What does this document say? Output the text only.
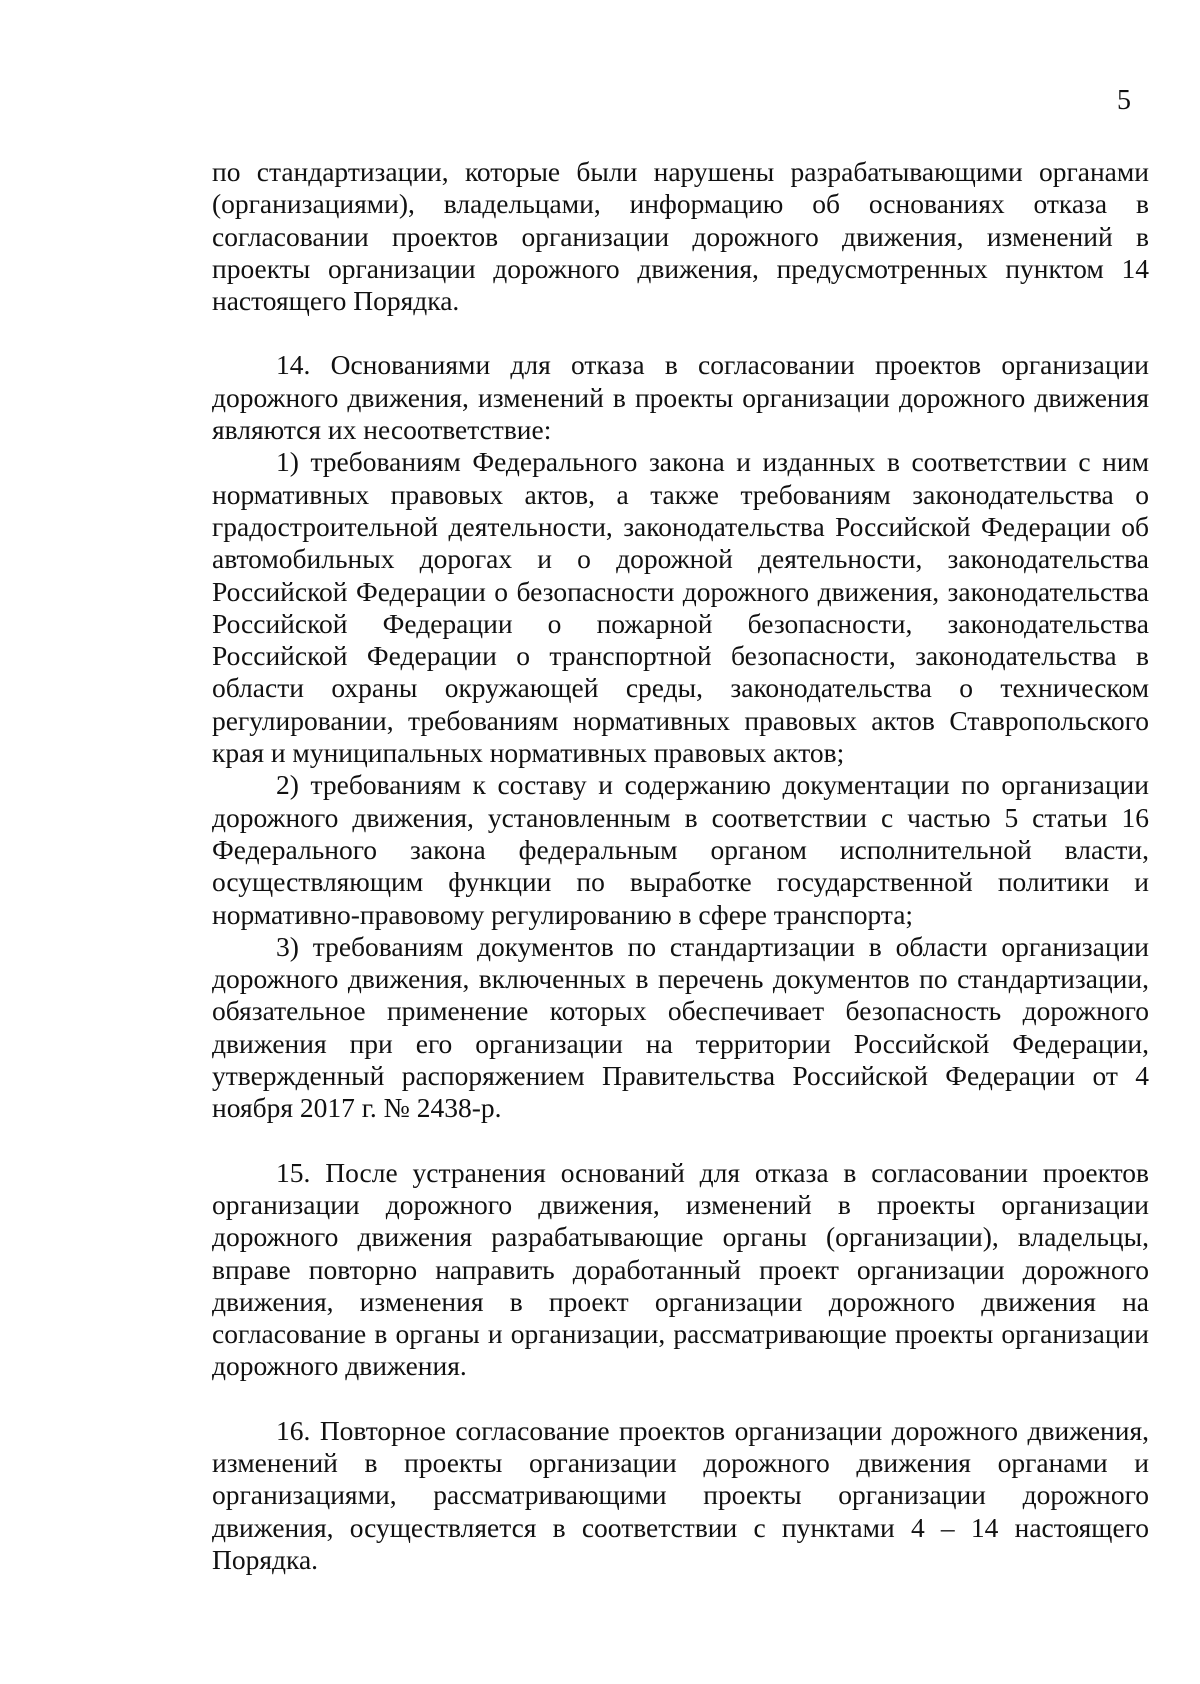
5

по стандартизации, которые были нарушены разрабатывающими органами (организациями), владельцами, информацию об основаниях отказа в согласовании проектов организации дорожного движения, изменений в проекты организации дорожного движения, предусмотренных пунктом 14 настоящего Порядка.

14. Основаниями для отказа в согласовании проектов организации дорожного движения, изменений в проекты организации дорожного движения являются их несоответствие:

1) требованиям Федерального закона и изданных в соответствии с ним нормативных правовых актов, а также требованиям законодательства о градостроительной деятельности, законодательства Российской Федерации об автомобильных дорогах и о дорожной деятельности, законодательства Российской Федерации о безопасности дорожного движения, законодательства Российской Федерации о пожарной безопасности, законодательства Российской Федерации о транспортной безопасности, законодательства в области охраны окружающей среды, законодательства о техническом регулировании, требованиям нормативных правовых актов Ставропольского края и муниципальных нормативных правовых актов;

2) требованиям к составу и содержанию документации по организации дорожного движения, установленным в соответствии с частью 5 статьи 16 Федерального закона федеральным органом исполнительной власти, осуществляющим функции по выработке государственной политики и нормативно-правовому регулированию в сфере транспорта;

3) требованиям документов по стандартизации в области организации дорожного движения, включенных в перечень документов по стандартизации, обязательное применение которых обеспечивает безопасность дорожного движения при его организации на территории Российской Федерации, утвержденный распоряжением Правительства Российской Федерации от 4 ноября 2017 г. № 2438-р.

15. После устранения оснований для отказа в согласовании проектов организации дорожного движения, изменений в проекты организации дорожного движения разрабатывающие органы (организации), владельцы, вправе повторно направить доработанный проект организации дорожного движения, изменения в проект организации дорожного движения на согласование в органы и организации, рассматривающие проекты организации дорожного движения.

16. Повторное согласование проектов организации дорожного движения, изменений в проекты организации дорожного движения органами и организациями, рассматривающими проекты организации дорожного движения, осуществляется в соответствии с пунктами 4 – 14 настоящего Порядка.
